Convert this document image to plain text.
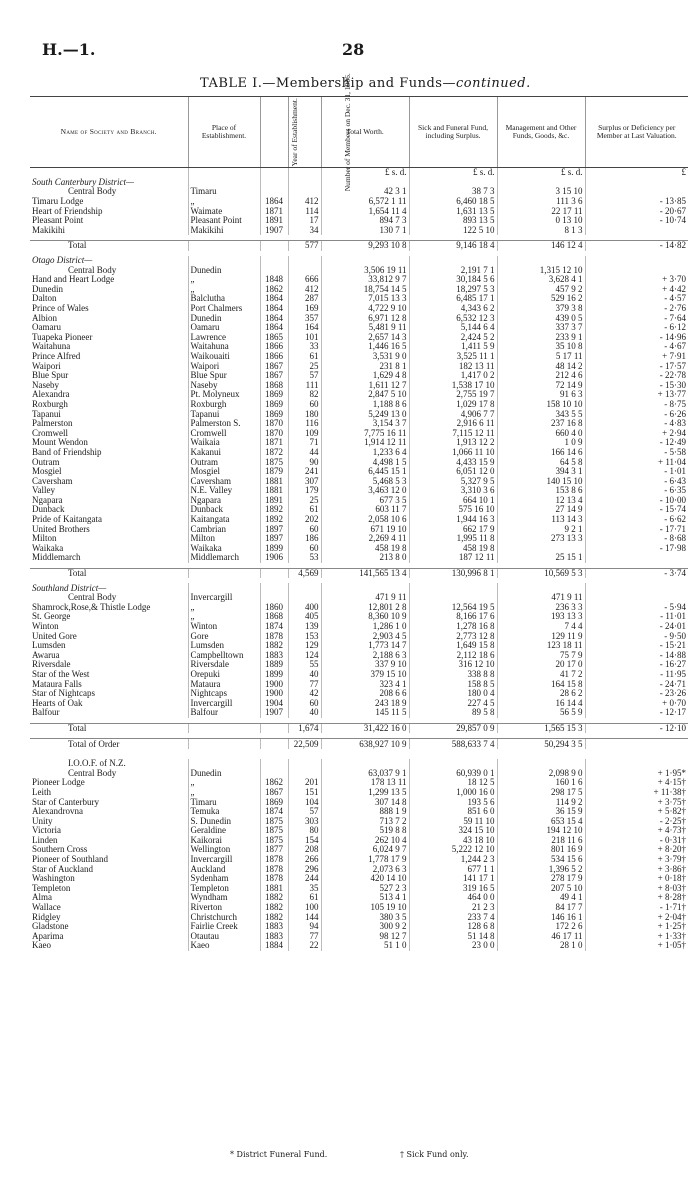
H.—1.	28
TABLE I.—Membership and Funds—continued.
Name of Society and Branch.	Place of Establishment.	Year of Establishment.	Number of Members on Dec. 31, 1906.	Total Worth.	Sick and Funeral Fund, including Surplus.	Management and Other Funds, Goods, &c.	Surplus or Deficiency per Member at Last Valuation.
				£ s. d.	£ s. d.	£ s. d.	£
South Canterbury District—							
Central Body	Timaru			42 3 1	38 7 3	3 15 10	
Timaru Lodge	„	1864	412	6,572 1 11	6,460 18 5	111 3 6	- 13·85
Heart of Friendship	Waimate	1871	114	1,654 11 4	1,631 13 5	22 17 11	- 20·67
Pleasant Point	Pleasant Point	1891	17	894 7 3	893 13 5	0 13 10	- 10·74
Makikihi	Makikihi	1907	34	130 7 1	122 5 10	8 1 3	

Total			577	9,293 10 8	9,146 18 4	146 12 4	- 14·82

Otago District—							
Central Body	Dunedin			3,506 19 11	2,191 7 1	1,315 12 10	
Hand and Heart Lodge	„	1848	666	33,812 9 7	30,184 5 6	3,628 4 1	+ 3·70
Dunedin	„	1862	412	18,754 14 5	18,297 5 3	457 9 2	+ 4·42
Dalton	Balclutha	1864	287	7,015 13 3	6,485 17 1	529 16 2	- 4·57
Prince of Wales	Port Chalmers	1864	169	4,722 9 10	4,343 6 2	379 3 8	- 2·76
Albion	Dunedin	1864	357	6,971 12 8	6,532 12 3	439 0 5	- 7·64
Oamaru	Oamaru	1864	164	5,481 9 11	5,144 6 4	337 3 7	- 6·12
Tuapeka Pioneer	Lawrence	1865	101	2,657 14 3	2,424 5 2	233 9 1	- 14·96
Waitahuna	Waitahuna	1866	33	1,446 16 5	1,411 5 9	35 10 8	- 4·67
Prince Alfred	Waikouaiti	1866	61	3,531 9 0	3,525 11 1	5 17 11	+ 7·91
Waipori	Waipori	1867	25	231 8 1	182 13 11	48 14 2	- 17·57
Blue Spur	Blue Spur	1867	57	1,629 4 8	1,417 0 2	212 4 6	- 22·78
Naseby	Naseby	1868	111	1,611 12 7	1,538 17 10	72 14 9	- 15·30
Alexandra	Pt. Molyneux	1869	82	2,847 5 10	2,755 19 7	91 6 3	+ 13·77
Roxburgh	Roxburgh	1869	60	1,188 8 6	1,029 17 8	158 10 10	- 8·75
Tapanui	Tapanui	1869	180	5,249 13 0	4,906 7 7	343 5 5	- 6·26
Palmerston	Palmerston S.	1870	116	3,154 3 7	2,916 6 11	237 16 8	- 4·83
Cromwell	Cromwell	1870	109	7,775 16 11	7,115 12 11	660 4 0	+ 2·94
Mount Wendon	Waikaia	1871	71	1,914 12 11	1,913 12 2	1 0 9	- 12·49
Band of Friendship	Kakanui	1872	44	1,233 6 4	1,066 11 10	166 14 6	- 5·58
Outram	Outram	1875	90	4,498 1 5	4,433 15 9	64 5 8	+ 11·04
Mosgiel	Mosgiel	1879	241	6,445 15 1	6,051 12 0	394 3 1	- 1·01
Caversham	Caversham	1881	307	5,468 5 3	5,327 9 5	140 15 10	- 6·43
Valley	N.E. Valley	1881	179	3,463 12 0	3,310 3 6	153 8 6	- 6·35
Ngapara	Ngapara	1891	25	677 3 5	664 10 1	12 13 4	- 10·00
Dunback	Dunback	1892	61	603 11 7	575 16 10	27 14 9	- 15·74
Pride of Kaitangata	Kaitangata	1892	202	2,058 10 6	1,944 16 3	113 14 3	- 6·62
United Brothers	Cambrian	1897	60	671 19 10	662 17 9	9 2 1	- 17·71
Milton	Milton	1897	186	2,269 4 11	1,995 11 8	273 13 3	- 8·68
Waikaka	Waikaka	1899	60	458 19 8	458 19 8		- 17·98
Middlemarch	Middlemarch	1906	53	213 8 0	187 12 11	25 15 1	

Total			4,569	141,565 13 4	130,996 8 1	10,569 5 3	- 3·74

Southland District—							
Central Body	Invercargill			471 9 11		471 9 11	
Shamrock,Rose,& Thistle Lodge	„	1860	400	12,801 2 8	12,564 19 5	236 3 3	- 5·94
St. George	„	1868	405	8,360 10 9	8,166 17 6	193 13 3	- 11·01
Winton	Winton	1874	139	1,286 1 0	1,278 16 8	7 4 4	- 24·01
United Gore	Gore	1878	153	2,903 4 5	2,773 12 8	129 11 9	- 9·50
Lumsden	Lumsden	1882	129	1,773 14 7	1,649 15 8	123 18 11	- 15·21
Awarua	Campbelltown	1883	124	2,188 6 3	2,112 18 6	75 7 9	- 14·88
Riversdale	Riversdale	1889	55	337 9 10	316 12 10	20 17 0	- 16·27
Star of the West	Orepuki	1899	40	379 15 10	338 8 8	41 7 2	- 11·95
Mataura Falls	Mataura	1900	77	323 4 1	158 8 5	164 15 8	- 24·71
Star of Nightcaps	Nightcaps	1900	42	208 6 6	180 0 4	28 6 2	- 23·26
Hearts of Oak	Invercargill	1904	60	243 18 9	227 4 5	16 14 4	+ 0·70
Balfour	Balfour	1907	40	145 11 5	89 5 8	56 5 9	- 12·17

Total			1,674	31,422 16 0	29,857 0 9	1,565 15 3	- 12·10

Total of Order			22,509	638,927 10 9	588,633 7 4	50,294 3 5	

I.O.O.F. of N.Z.							
Central Body	Dunedin			63,037 9 1	60,939 0 1	2,098 9 0	+ 1·95*
Pioneer Lodge	„	1862	201	178 13 11	18 12 5	160 1 6	+ 4·15†
Leith	„	1867	151	1,299 13 5	1,000 16 0	298 17 5	+ 11·38†
Star of Canterbury	Timaru	1869	104	307 14 8	193 5 6	114 9 2	+ 3·75†
Alexandrovna	Temuka	1874	57	888 1 9	851 6 0	36 15 9	+ 5·82†
Unity	S. Dunedin	1875	303	713 7 2	59 11 10	653 15 4	- 2·25†
Victoria	Geraldine	1875	80	519 8 8	324 15 10	194 12 10	+ 4·73†
Linden	Kaikorai	1875	154	262 10 4	43 18 10	218 11 6	- 0·31†
Southern Cross	Wellington	1877	208	6,024 9 7	5,222 12 10	801 16 9	+ 8·20†
Pioneer of Southland	Invercargill	1878	266	1,778 17 9	1,244 2 3	534 15 6	+ 3·79†
Star of Auckland	Auckland	1878	296	2,073 6 3	677 1 1	1,396 5 2	+ 3·86†
Washington	Sydenham	1878	244	420 14 10	141 17 1	278 17 9	+ 0·18†
Templeton	Templeton	1881	35	527 2 3	319 16 5	207 5 10	+ 8·03†
Alma	Wyndham	1882	61	513 4 1	464 0 0	49 4 1	+ 8·28†
Wallace	Riverton	1882	100	105 19 10	21 2 3	84 17 7	- 1·71†
Ridgley	Christchurch	1882	144	380 3 5	233 7 4	146 16 1	+ 2·04†
Gladstone	Fairlie Creek	1883	94	300 9 2	128 6 8	172 2 6	+ 1·25†
Aparima	Otautau	1883	77	98 12 7	51 14 8	46 17 11	+ 1·33†
Kaeo	Kaeo	1884	22	51 1 0	23 0 0	28 1 0	+ 1·05†
* District Funeral Fund.	† Sick Fund only.
